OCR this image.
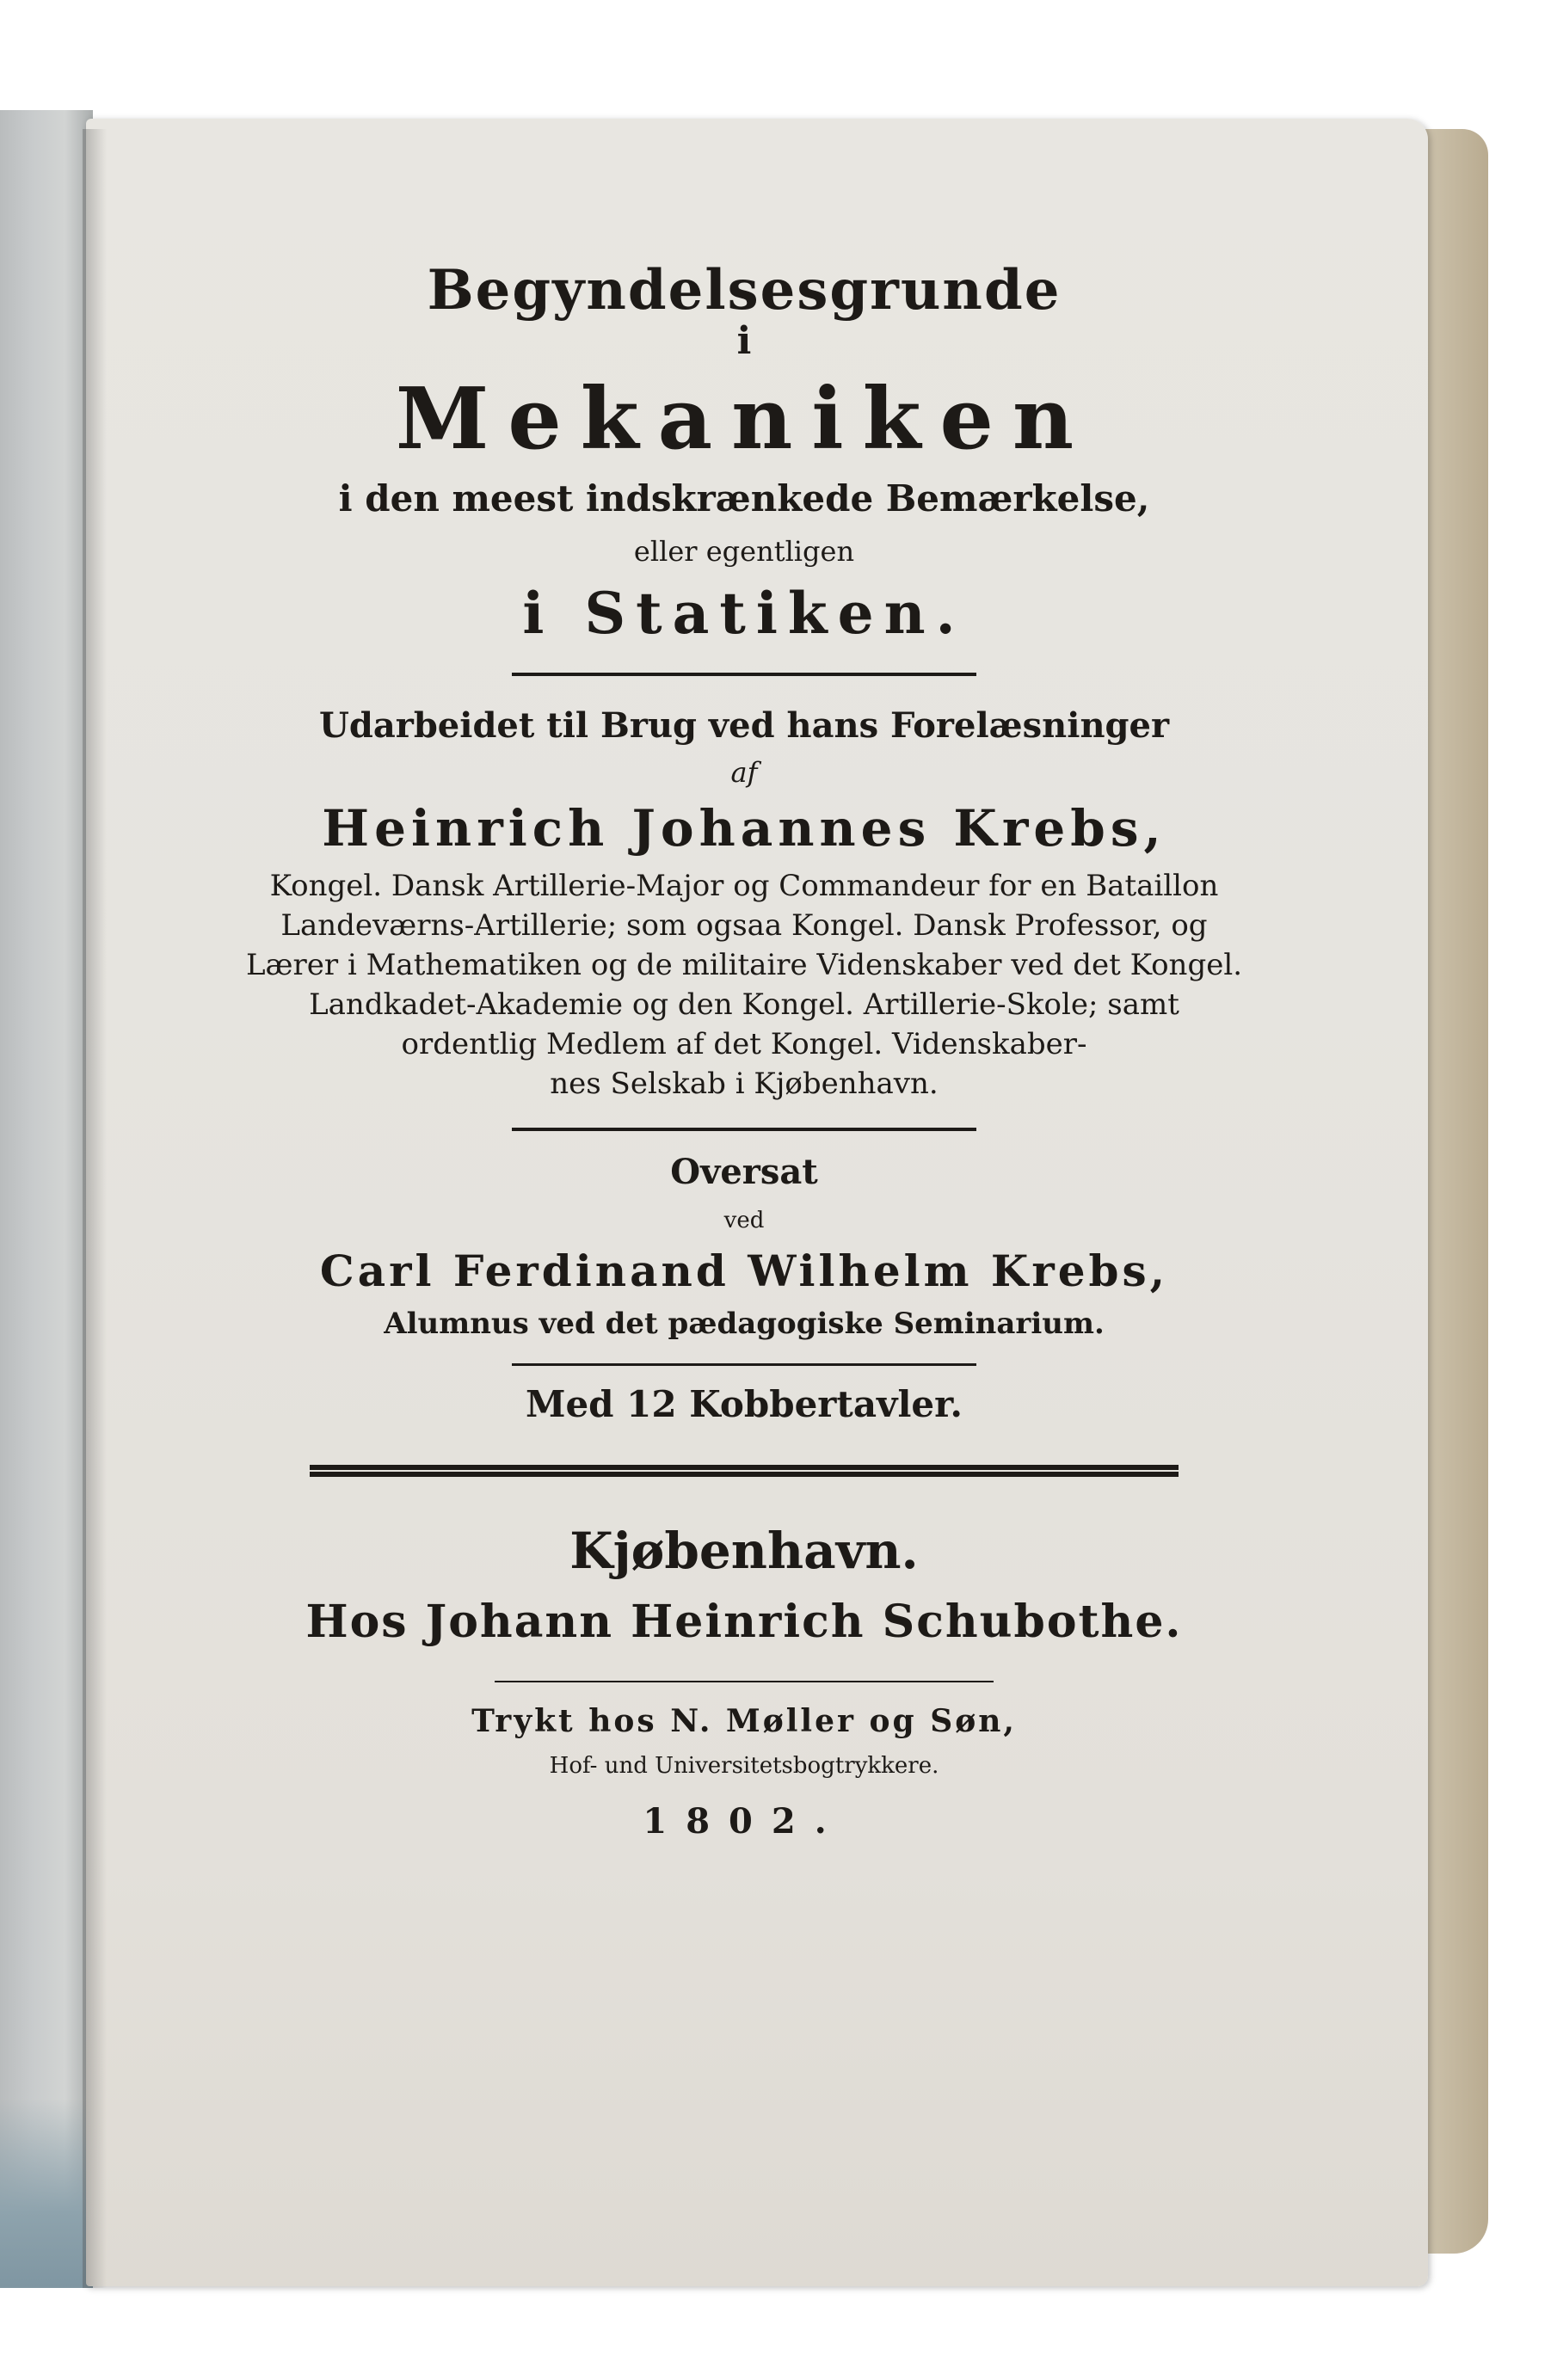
Begyndelsesgrunde
i
Mekaniken
i den meest indskrænkede Bemærkelse,
eller egentligen
i Statiken.
Udarbeidet til Brug ved hans Forelæsninger
af
Heinrich Johannes Krebs,
Kongel. Dansk Artillerie-Major og Commandeur for en Bataillon
Landeværns-Artillerie; som ogsaa Kongel. Dansk Professor, og
Lærer i Mathematiken og de militaire Videnskaber ved det Kongel.
Landkadet-Akademie og den Kongel. Artillerie-Skole; samt
ordentlig Medlem af det Kongel. Videnskaber-
nes Selskab i Kjøbenhavn.
Oversat
ved
Carl Ferdinand Wilhelm Krebs,
Alumnus ved det pædagogiske Seminarium.
Med 12 Kobbertavler.
Kjøbenhavn.
Hos Johann Heinrich Schubothe.
Trykt hos N. Møller og Søn,
Hof- und Universitetsbogtrykkere.
1802.
